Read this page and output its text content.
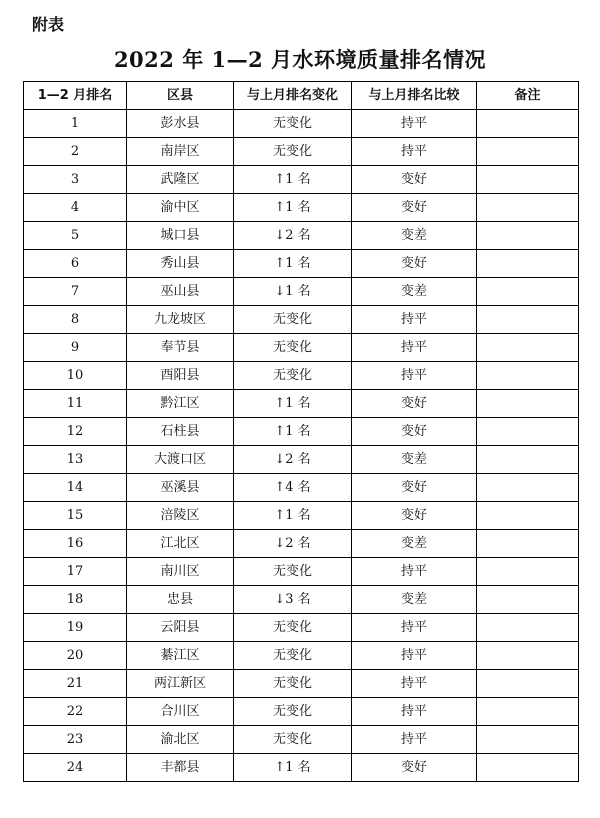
附表
2022 年 1—2 月水环境质量排名情况
1—2 月排名	区县	与上月排名变化	与上月排名比较	备注
1	彭水县	无变化	持平	
2	南岸区	无变化	持平	
3	武隆区	↑1 名	变好	
4	渝中区	↑1 名	变好	
5	城口县	↓2 名	变差	
6	秀山县	↑1 名	变好	
7	巫山县	↓1 名	变差	
8	九龙坡区	无变化	持平	
9	奉节县	无变化	持平	
10	酉阳县	无变化	持平	
11	黔江区	↑1 名	变好	
12	石柱县	↑1 名	变好	
13	大渡口区	↓2 名	变差	
14	巫溪县	↑4 名	变好	
15	涪陵区	↑1 名	变好	
16	江北区	↓2 名	变差	
17	南川区	无变化	持平	
18	忠县	↓3 名	变差	
19	云阳县	无变化	持平	
20	綦江区	无变化	持平	
21	两江新区	无变化	持平	
22	合川区	无变化	持平	
23	渝北区	无变化	持平	
24	丰都县	↑1 名	变好	
